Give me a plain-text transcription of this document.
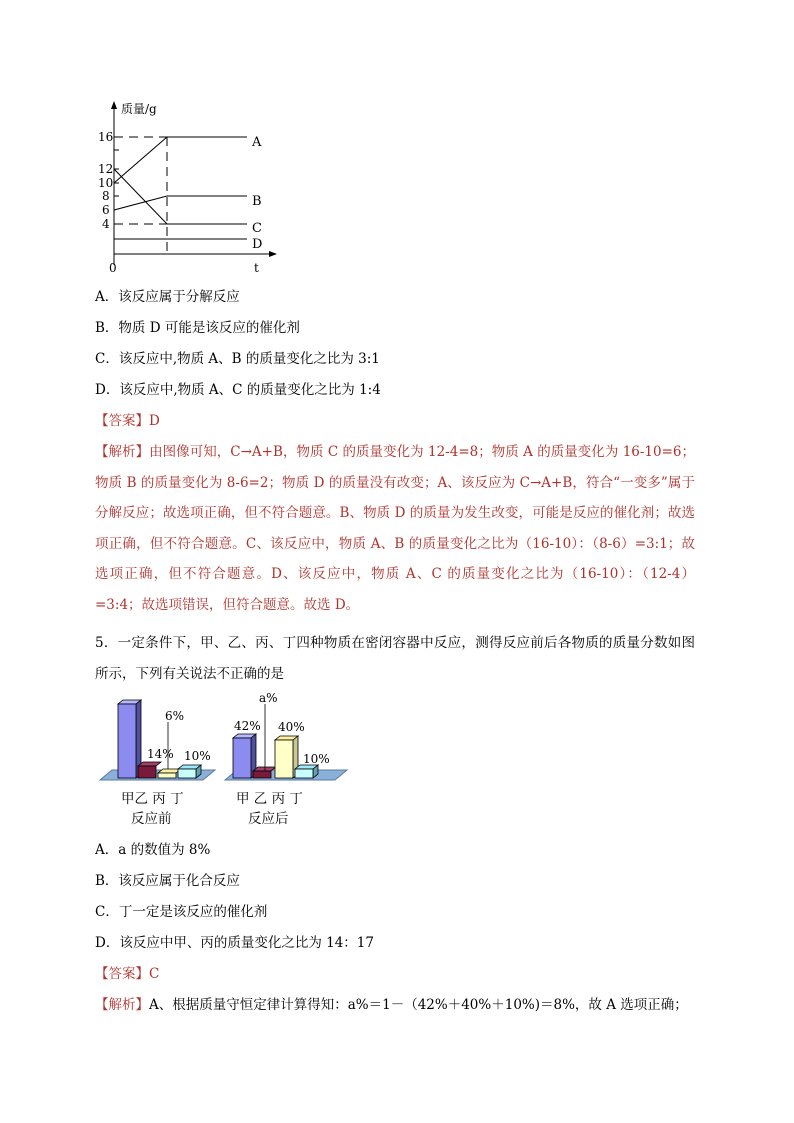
质量/g
t
0
16
12
10
8
6
4
A
B
C
D
A．该反应属于分解反应
B．物质 D 可能是该反应的催化剂
C．该反应中,物质 A、B 的质量变化之比为 3:1
D．该反应中,物质 A、C 的质量变化之比为 1:4
【答案】D
【解析】由图像可知，C→A+B，物质 C 的质量变化为 12-4=8；物质 A 的质量变化为 16-10=6；物质 B 的质量变化为 8-6=2；物质 D 的质量没有改变；A、该反应为 C→A+B，符合“一变多”属于分解反应；故选项正确，但不符合题意。B、物质 D 的质量为发生改变，可能是反应的催化剂；故选项正确，但不符合题意。C、该反应中，物质 A、B 的质量变化之比为（16-10）：（8-6）=3:1；故选项正确，但不符合题意。D、该反应中，物质 A、C 的质量变化之比为（16-10）：（12-4）=3:4；故选项错误，但符合题意。故选 D。
5．一定条件下，甲、乙、丙、丁四种物质在密闭容器中反应，测得反应前后各物质的质量分数如图所示，下列有关说法不正确的是
14%
6%
10%
a%
42% 40%
10%
甲乙 丙 丁
反应前
甲 乙 丙 丁
反应后
A．a 的数值为 8%
B．该反应属于化合反应
C．丁一定是该反应的催化剂
D．该反应中甲、丙的质量变化之比为 14：17
【答案】C
【解析】A、根据质量守恒定律计算得知：a%＝1－（42%＋40%＋10%)＝8%，故 A 选项正确；
